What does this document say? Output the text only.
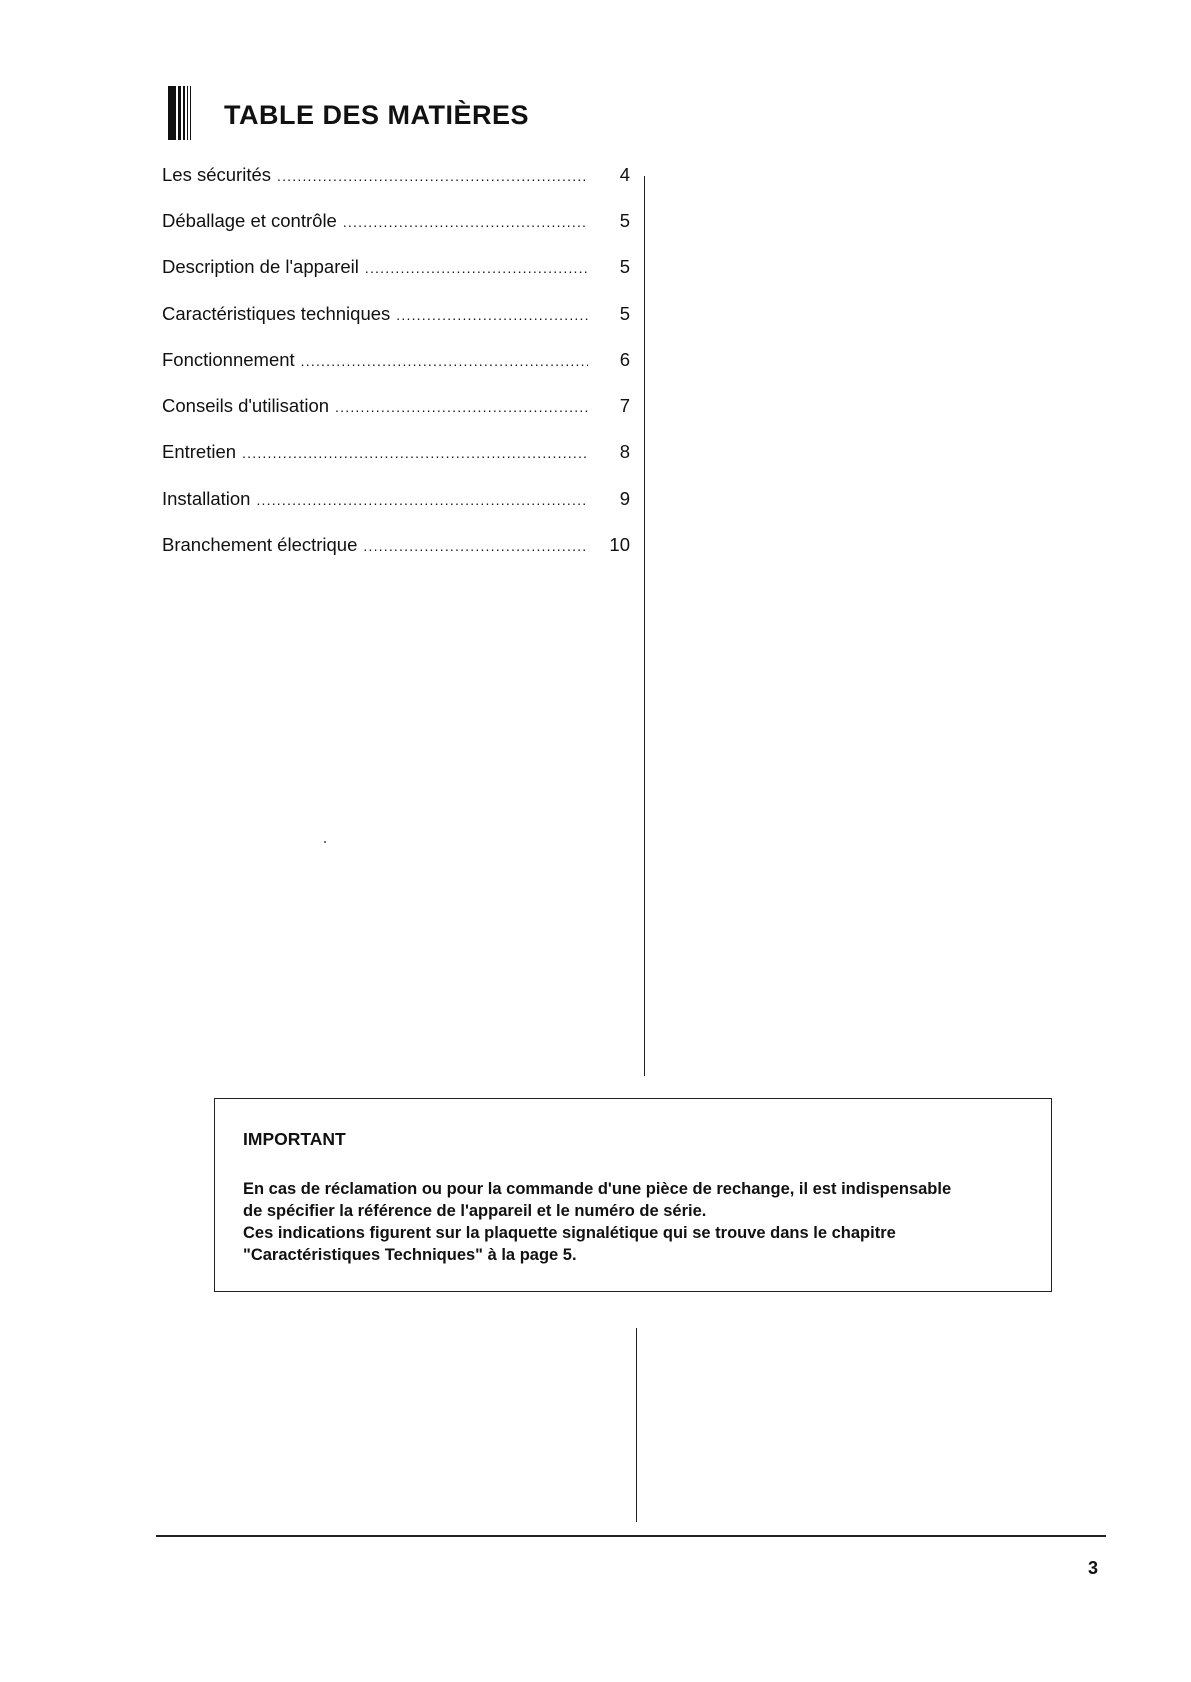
TABLE DES MATIÈRES
Les sécurités .....	4
Déballage et contrôle .....	5
Description de l'appareil .....	5
Caractéristiques techniques .....	5
Fonctionnement .....	6
Conseils d'utilisation .....	7
Entretien .....	8
Installation .....	9
Branchement électrique .....	10
IMPORTANT
En cas de réclamation ou pour la commande d'une pièce de rechange, il est indispensable
de spécifier la référence de l'appareil et le numéro de série.
Ces indications figurent sur la plaquette signalétique qui se trouve dans le chapitre
"Caractéristiques Techniques" à la page 5.
3
